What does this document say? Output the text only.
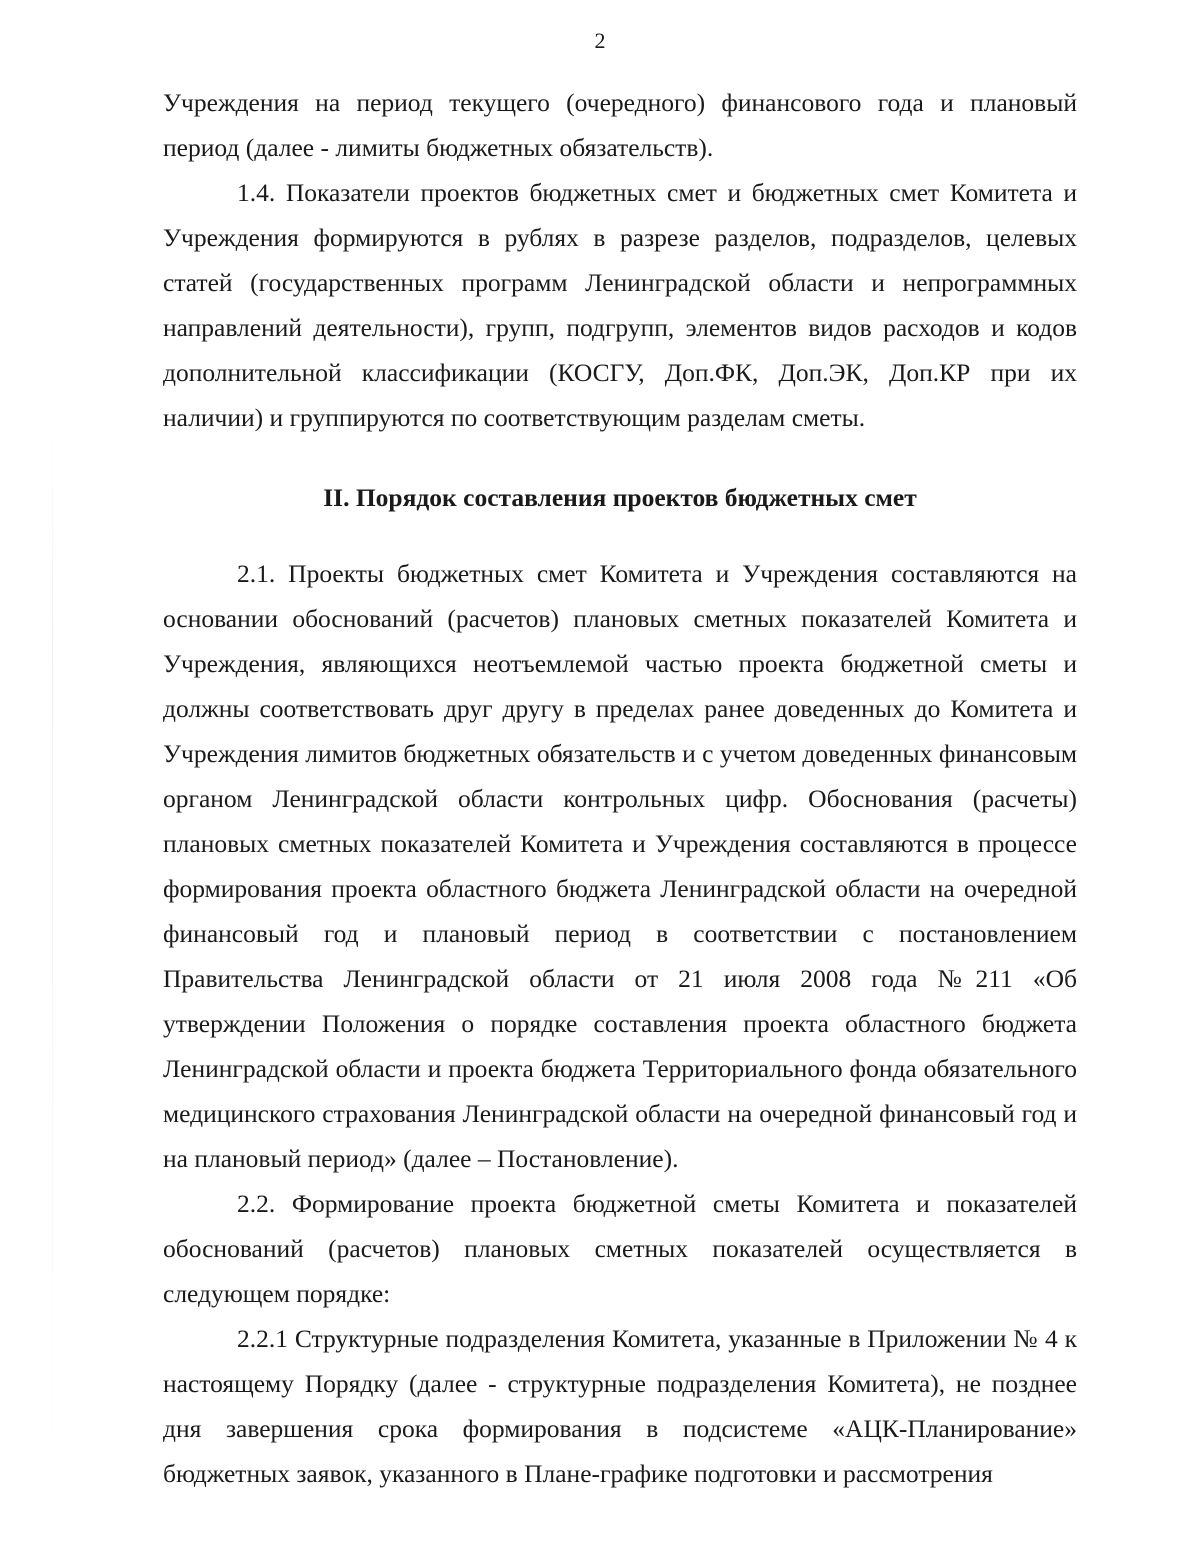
2

Учреждения на период текущего (очередного) финансового года и плановый период (далее - лимиты бюджетных обязательств).

1.4. Показатели проектов бюджетных смет и бюджетных смет Комитета и Учреждения формируются в рублях в разрезе разделов, подразделов, целевых статей (государственных программ Ленинградской области и непрограммных направлений деятельности), групп, подгрупп, элементов видов расходов и кодов дополнительной классификации (КОСГУ, Доп.ФК, Доп.ЭК, Доп.КР при их наличии) и группируются по соответствующим разделам сметы.

II. Порядок составления проектов бюджетных смет

2.1. Проекты бюджетных смет Комитета и Учреждения составляются на основании обоснований (расчетов) плановых сметных показателей Комитета и Учреждения, являющихся неотъемлемой частью проекта бюджетной сметы и должны соответствовать друг другу в пределах ранее доведенных до Комитета и Учреждения лимитов бюджетных обязательств и с учетом доведенных финансовым органом Ленинградской области контрольных цифр. Обоснования (расчеты) плановых сметных показателей Комитета и Учреждения составляются в процессе формирования проекта областного бюджета Ленинградской области на очередной финансовый год и плановый период в соответствии с постановлением Правительства Ленинградской области от 21 июля 2008 года №211 «Об утверждении Положения о порядке составления проекта областного бюджета Ленинградской области и проекта бюджета Территориального фонда обязательного медицинского страхования Ленинградской области на очередной финансовый год и на плановый период» (далее – Постановление).

2.2. Формирование проекта бюджетной сметы Комитета и показателей обоснований (расчетов) плановых сметных показателей осуществляется в следующем порядке:

2.2.1 Структурные подразделения Комитета, указанные в Приложении № 4 к настоящему Порядку (далее - структурные подразделения Комитета), не позднее дня завершения срока формирования в подсистеме «АЦК-Планирование» бюджетных заявок, указанного в Плане-графике подготовки и рассмотрения
